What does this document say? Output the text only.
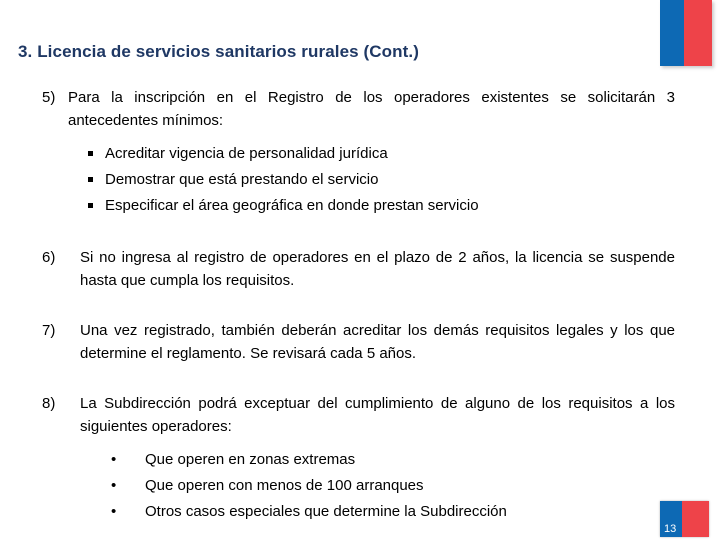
3. Licencia de servicios sanitarios rurales (Cont.)
5) Para la inscripción en el Registro de los operadores existentes se solicitarán 3 antecedentes mínimos:

Acreditar vigencia de personalidad jurídica
Demostrar que está prestando el servicio
Especificar el área geográfica en donde prestan servicio
6)	Si no ingresa al registro de operadores en el plazo de 2 años, la licencia se suspende hasta que cumpla los requisitos.

7)	Una vez registrado, también deberán acreditar los demás requisitos legales y los que determine el reglamento. Se revisará cada 5 años.

8)	La Subdirección podrá exceptuar del cumplimiento de alguno de los requisitos a los siguientes operadores:

• Que operen en zonas extremas
• Que operen con menos de 100 arranques
• Otros casos especiales que determine la Subdirección
13
